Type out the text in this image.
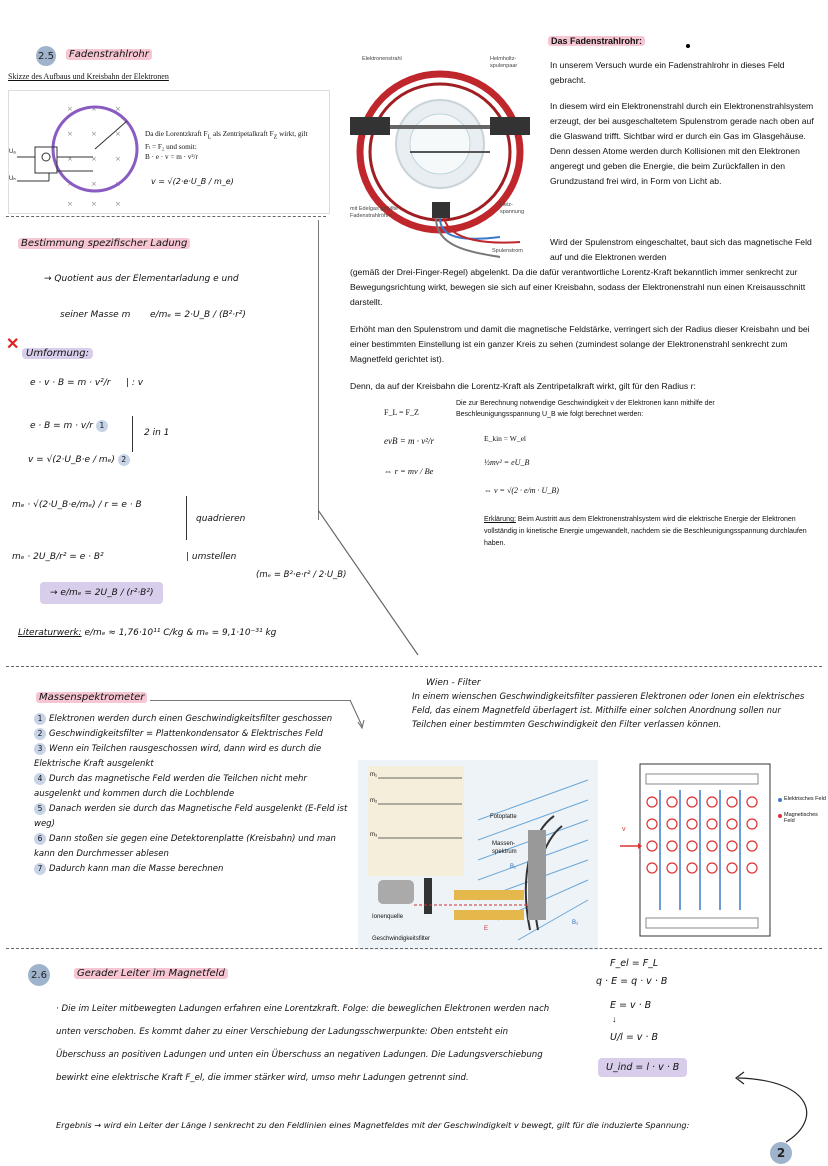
2.5	Fadenstrahlrohr
Skizze des Aufbaus und Kreisbahn der Elektronen
×	×	×
×	×	×
×	×	×
×	×	×
×	×	×
Uₐ
Uₕ
Da die Lorentzkraft $F_L$ als Zentripetalkraft $F_Z$ wirkt, gilt
Fₗ = F₂ und somit:
B · e · v = m · v²/r
v = √(2·e·U_B / m_e)
Elektronenstrahl	Helmholtz-spulenpaar
mit Edelgas gefüllte Fadenstrahlröhre
Heiz-spannung
Spulenstrom
Das Fadenstrahlrohr:
In unserem Versuch wurde ein Fadenstrahlrohr in dieses Feld gebracht.
In diesem wird ein Elektronenstrahl durch ein Elektronenstrahlsystem erzeugt, der bei ausgeschaltetem Spulenstrom gerade nach oben auf die Glaswand trifft. Sichtbar wird er durch ein Gas im Glasgehäuse. Denn dessen Atome werden durch Kollisionen mit den Elektronen angeregt und geben die Energie, die beim Zurückfallen in den Grundzustand frei wird, in Form von Licht ab.
Wird der Spulenstrom eingeschaltet, baut sich das magnetische Feld auf und die Elektronen werden
(gemäß der Drei-Finger-Regel) abgelenkt. Da die dafür verantwortliche Lorentz-Kraft bekanntlich immer senkrecht zur Bewegungsrichtung wirkt, bewegen sie sich auf einer Kreisbahn, sodass der Elektronenstrahl nun einen Kreisausschnitt darstellt.
Erhöht man den Spulenstrom und damit die magnetische Feldstärke, verringert sich der Radius dieser Kreisbahn und bei einer bestimmten Einstellung ist ein ganzer Kreis zu sehen (zumindest solange der Elektronenstrahl senkrecht zum Magnetfeld gerichtet ist).
Denn, da auf der Kreisbahn die Lorentz-Kraft als Zentripetalkraft wirkt, gilt für den Radius r:
Die zur Berechnung notwendige Geschwindigkeit v der Elektronen kann mithilfe der Beschleunigungsspannung U_B wie folgt berechnet werden:
F_L = F_Z
evB = m · v²/r
⇔ r = mv / Be
E_kin = W_el
½mv² = eU_B
⇔ v = √(2 · e/m · U_B)
Erklärung: Beim Austritt aus dem Elektronenstrahlsystem wird die elektrische Energie der Elektronen vollständig in kinetische Energie umgewandelt, nachdem sie die Beschleunigungsspannung durchlaufen haben.
Bestimmung spezifischer Ladung
→ Quotient aus der Elementarladung e und
seiner Masse m e/mₑ = 2·U_B / (B²·r²)
✕
Umformung:
e · v · B = m · v²/r | : v
e · B = m · v/r 1
2 in 1
v = √(2·U_B·e / mₑ) 2
mₑ · √(2·U_B·e/mₑ) / r = e · B
quadrieren
mₑ · 2U_B/r² = e · B²	| umstellen
(mₑ = B²·e·r² / 2·U_B)
→ e/mₑ = 2U_B / (r²·B²)
Literaturwerk: e/mₑ ≈ 1,76·10¹¹ C/kg & mₑ = 9,1·10⁻³¹ kg
Wien - Filter
In einem wienschen Geschwindigkeitsfilter passieren Elektronen oder Ionen ein elektrisches Feld, das einem Magnetfeld überlagert ist. Mithilfe einer solchen Anordnung sollen nur Teilchen einer bestimmten Geschwindigkeit den Filter verlassen können.
m₁
m₂
m₃
Fotoplatte
Massen-spektrum
Ionenquelle
Geschwindigkeitsfilter
B₁
B₂
E
v
Elektrisches Feld
Magnetisches Feld
Massenspektrometer
1 Elektronen werden durch einen Geschwindigkeitsfilter geschossen
2 Geschwindigkeitsfilter = Plattenkondensator & Elektrisches Feld
3 Wenn ein Teilchen rausgeschossen wird, dann wird es durch die Elektrische Kraft ausgelenkt
4 Durch das magnetische Feld werden die Teilchen nicht mehr ausgelenkt und kommen durch die Lochblende
5 Danach werden sie durch das Magnetische Feld ausgelenkt (E-Feld ist weg)
6 Dann stoßen sie gegen eine Detektorenplatte (Kreisbahn) und man kann den Durchmesser ablesen
7 Dadurch kann man die Masse berechnen
2.6	Gerader Leiter im Magnetfeld
· Die im Leiter mitbewegten Ladungen erfahren eine Lorentzkraft. Folge: die beweglichen Elektronen werden nach unten verschoben. Es kommt daher zu einer Verschiebung der Ladungsschwerpunkte: Oben entsteht ein Überschuss an positiven Ladungen und unten ein Überschuss an negativen Ladungen. Die Ladungsverschiebung bewirkt eine elektrische Kraft F_el, die immer stärker wird, umso mehr Ladungen getrennt sind.
Ergebnis → wird ein Leiter der Länge l senkrecht zu den Feldlinien eines Magnetfeldes mit der Geschwindigkeit v bewegt, gilt für die induzierte Spannung:
F_el = F_L
q · E = q · v · B
E = v · B
↓
U/l = v · B
U_ind = l · v · B
2
